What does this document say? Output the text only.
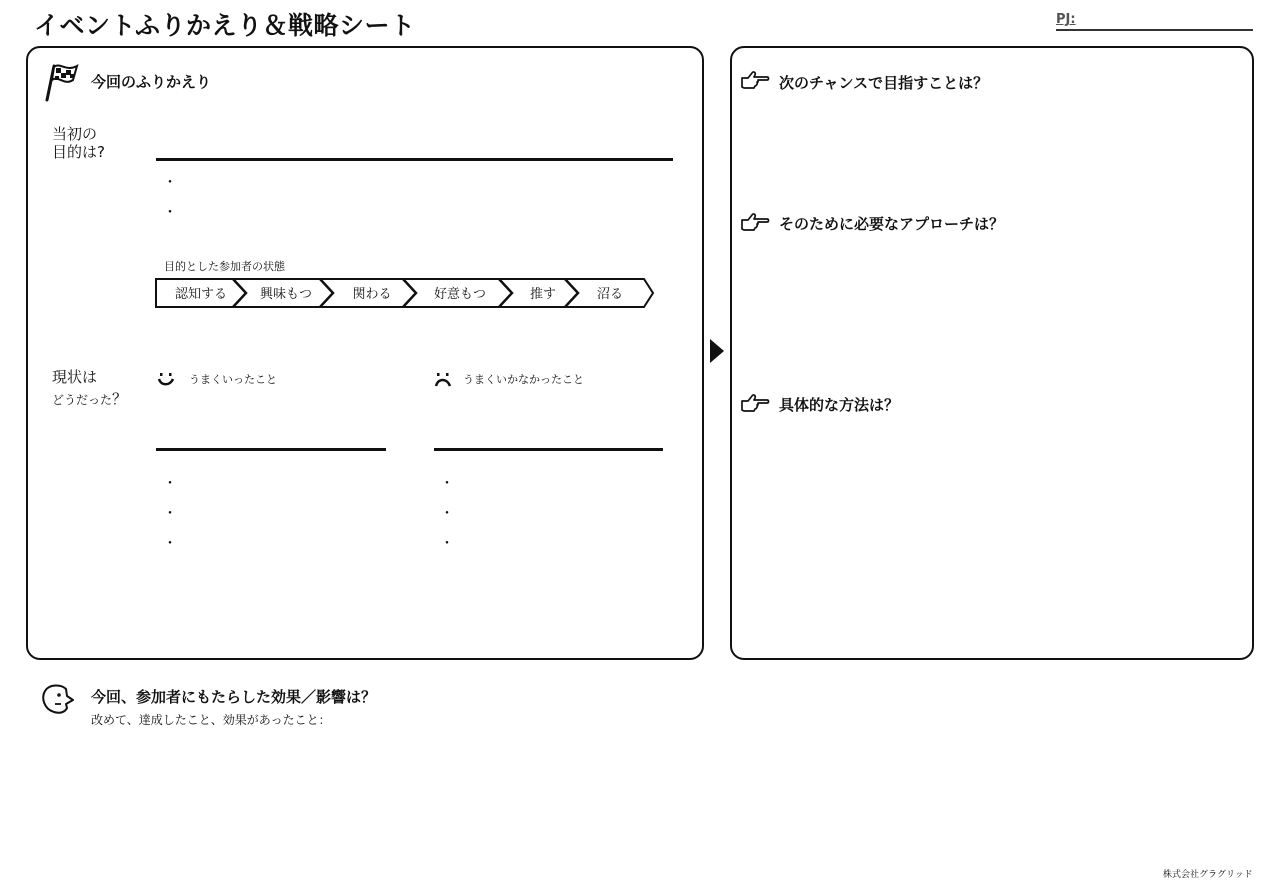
イベントふりかえり＆戦略シート	PJ:
今回のふりかえり
当初の
目的は?
・
・
目的とした参加者の状態
認知する	興味もつ	関わる	好意もつ	推す	沼る
現状は
どうだった？
うまくいったこと	うまくいかなかったこと
・
・
・
・
・
・
次のチャンスで目指すことは？
そのために必要なアプローチは？
具体的な方法は？
今回、参加者にもたらした効果／影響は？
改めて、達成したこと、効果があったこと：
株式会社グラグリッド
